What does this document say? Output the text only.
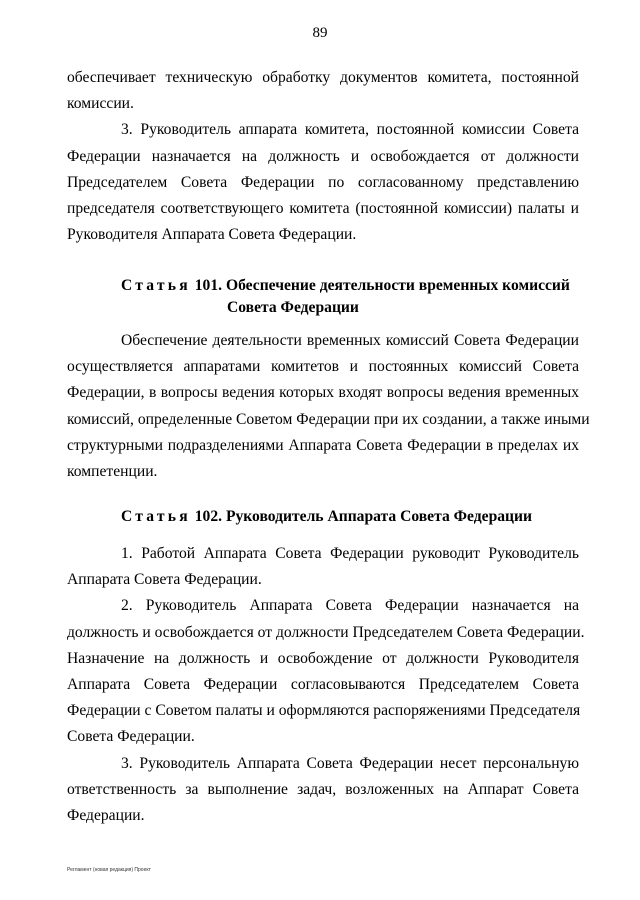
89
обеспечивает техническую обработку документов комитета, постоянной
комиссии.
3. Руководитель аппарата комитета, постоянной комиссии Совета
Федерации назначается на должность и освобождается от должности
Председателем Совета Федерации по согласованному представлению
председателя соответствующего комитета (постоянной комиссии) палаты и
Руководителя Аппарата Совета Федерации.
Статья 101. Обеспечение деятельности временных комиссий
Совета Федерации
Обеспечение деятельности временных комиссий Совета Федерации
осуществляется аппаратами комитетов и постоянных комиссий Совета
Федерации, в вопросы ведения которых входят вопросы ведения временных
комиссий, определенные Советом Федерации при их создании, а также иными
структурными подразделениями Аппарата Совета Федерации в пределах их
компетенции.
Статья 102. Руководитель Аппарата Совета Федерации
1. Работой Аппарата Совета Федерации руководит Руководитель
Аппарата Совета Федерации.
2. Руководитель Аппарата Совета Федерации назначается на
должность и освобождается от должности Председателем Совета Федерации.
Назначение на должность и освобождение от должности Руководителя
Аппарата Совета Федерации согласовываются Председателем Совета
Федерации с Советом палаты и оформляются распоряжениями Председателя
Совета Федерации.
3. Руководитель Аппарата Совета Федерации несет персональную
ответственность за выполнение задач, возложенных на Аппарат Совета
Федерации.
Регламент (новая редакция) Проект
